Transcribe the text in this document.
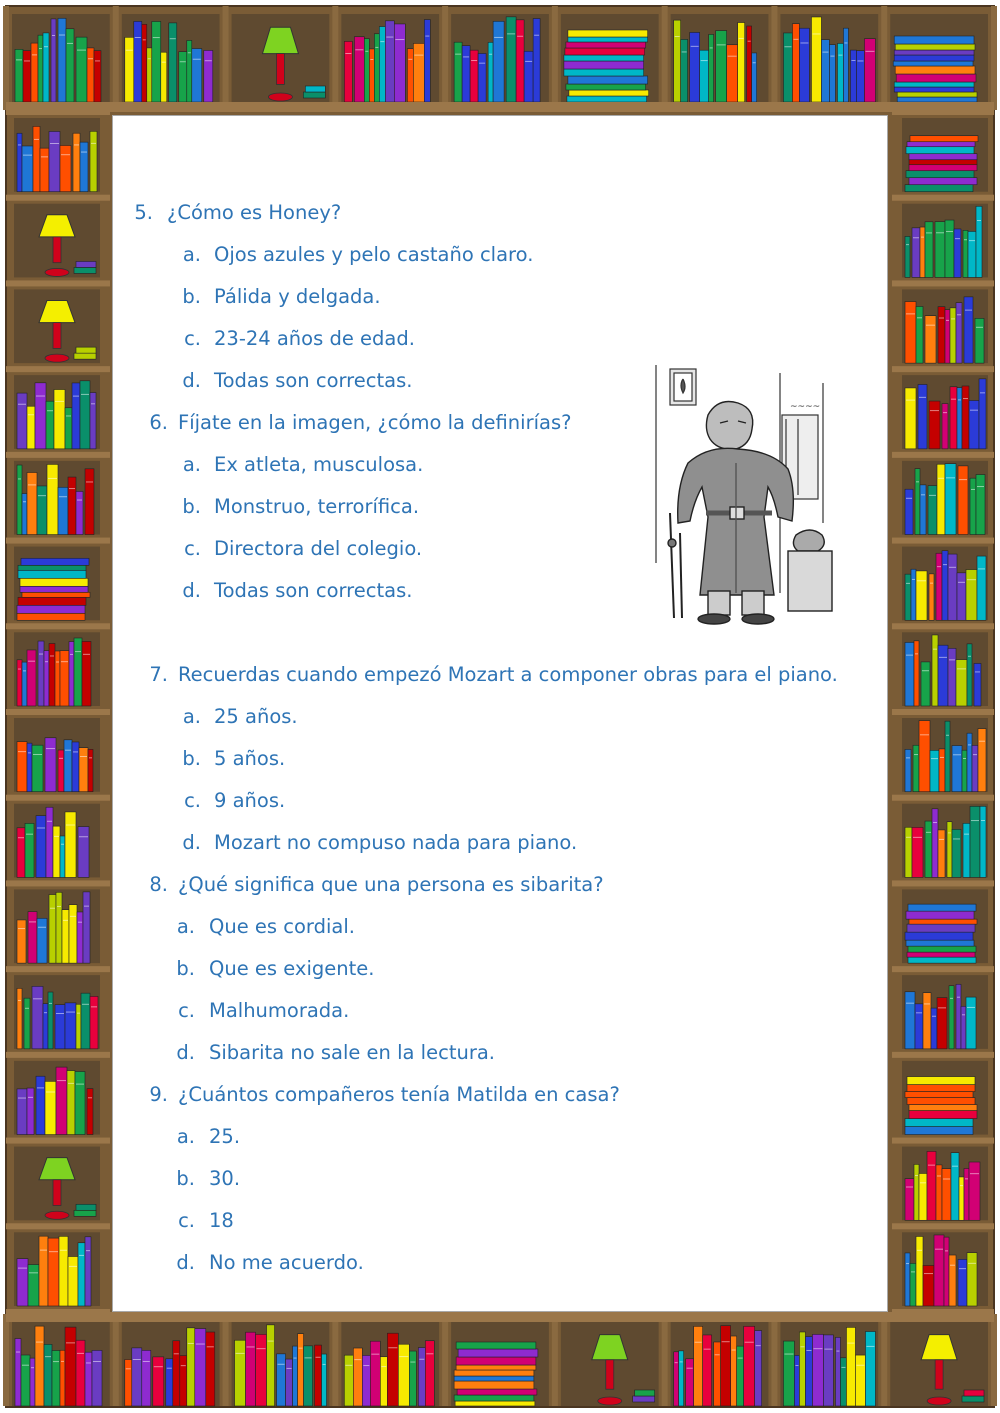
5. ¿Cómo es Honey?
a. Ojos azules y pelo castaño claro.
b. Pálida y delgada.
c. 23-24 años de edad.
d. Todas son correctas.
6. Fíjate en la imagen, ¿cómo la definirías?
a. Ex atleta, musculosa.
b. Monstruo, terrorífica.
c. Directora del colegio.
d. Todas son correctas.
7. Recuerdas cuando empezó Mozart a componer obras para el piano.
a. 25 años.
b. 5 años.
c. 9 años.
d. Mozart no compuso nada para piano.
8. ¿Qué significa que una persona es sibarita?
a. Que es cordial.
b. Que es exigente.
c. Malhumorada.
d. Sibarita no sale en la lectura.
9. ¿Cuántos compañeros tenía Matilda en casa?
a. 25.
b. 30.
c. 18
d. No me acuerdo.
~~~~
